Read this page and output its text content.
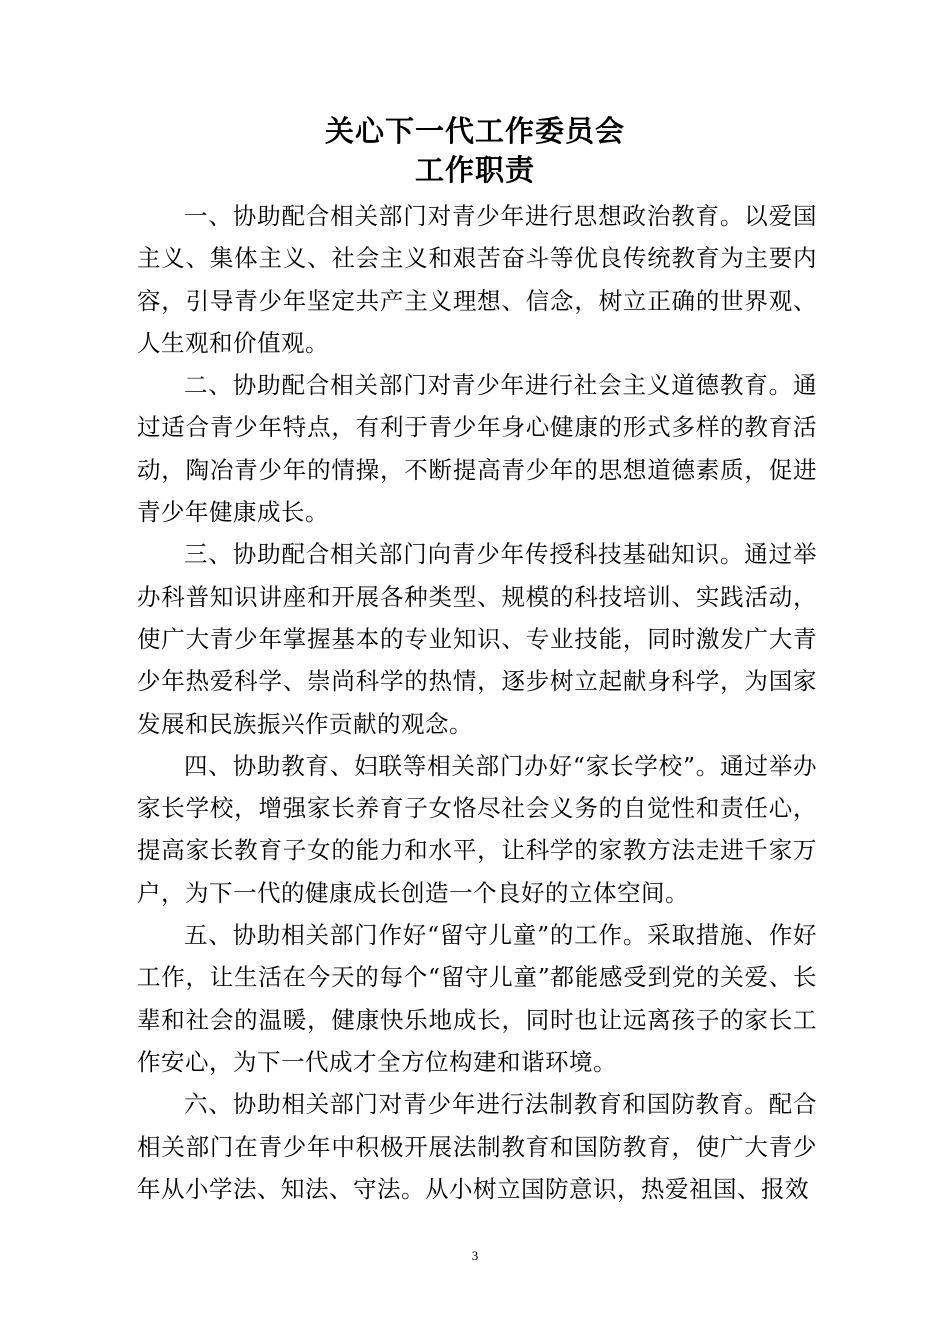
关心下一代工作委员会
工作职责

一、协助配合相关部门对青少年进行思想政治教育。以爱国主义、集体主义、社会主义和艰苦奋斗等优良传统教育为主要内容，引导青少年坚定共产主义理想、信念，树立正确的世界观、人生观和价值观。

二、协助配合相关部门对青少年进行社会主义道德教育。通过适合青少年特点，有利于青少年身心健康的形式多样的教育活动，陶冶青少年的情操，不断提高青少年的思想道德素质，促进青少年健康成长。

三、协助配合相关部门向青少年传授科技基础知识。通过举办科普知识讲座和开展各种类型、规模的科技培训、实践活动，使广大青少年掌握基本的专业知识、专业技能，同时激发广大青少年热爱科学、崇尚科学的热情，逐步树立起献身科学，为国家发展和民族振兴作贡献的观念。

四、协助教育、妇联等相关部门办好“家长学校”。通过举办家长学校，增强家长养育子女恪尽社会义务的自觉性和责任心，提高家长教育子女的能力和水平，让科学的家教方法走进千家万户，为下一代的健康成长创造一个良好的立体空间。

五、协助相关部门作好“留守儿童”的工作。采取措施、作好工作，让生活在今天的每个“留守儿童”都能感受到党的关爱、长辈和社会的温暖，健康快乐地成长，同时也让远离孩子的家长工作安心，为下一代成才全方位构建和谐环境。

六、协助相关部门对青少年进行法制教育和国防教育。配合相关部门在青少年中积极开展法制教育和国防教育，使广大青少年从小学法、知法、守法。从小树立国防意识，热爱祖国、报效

3
